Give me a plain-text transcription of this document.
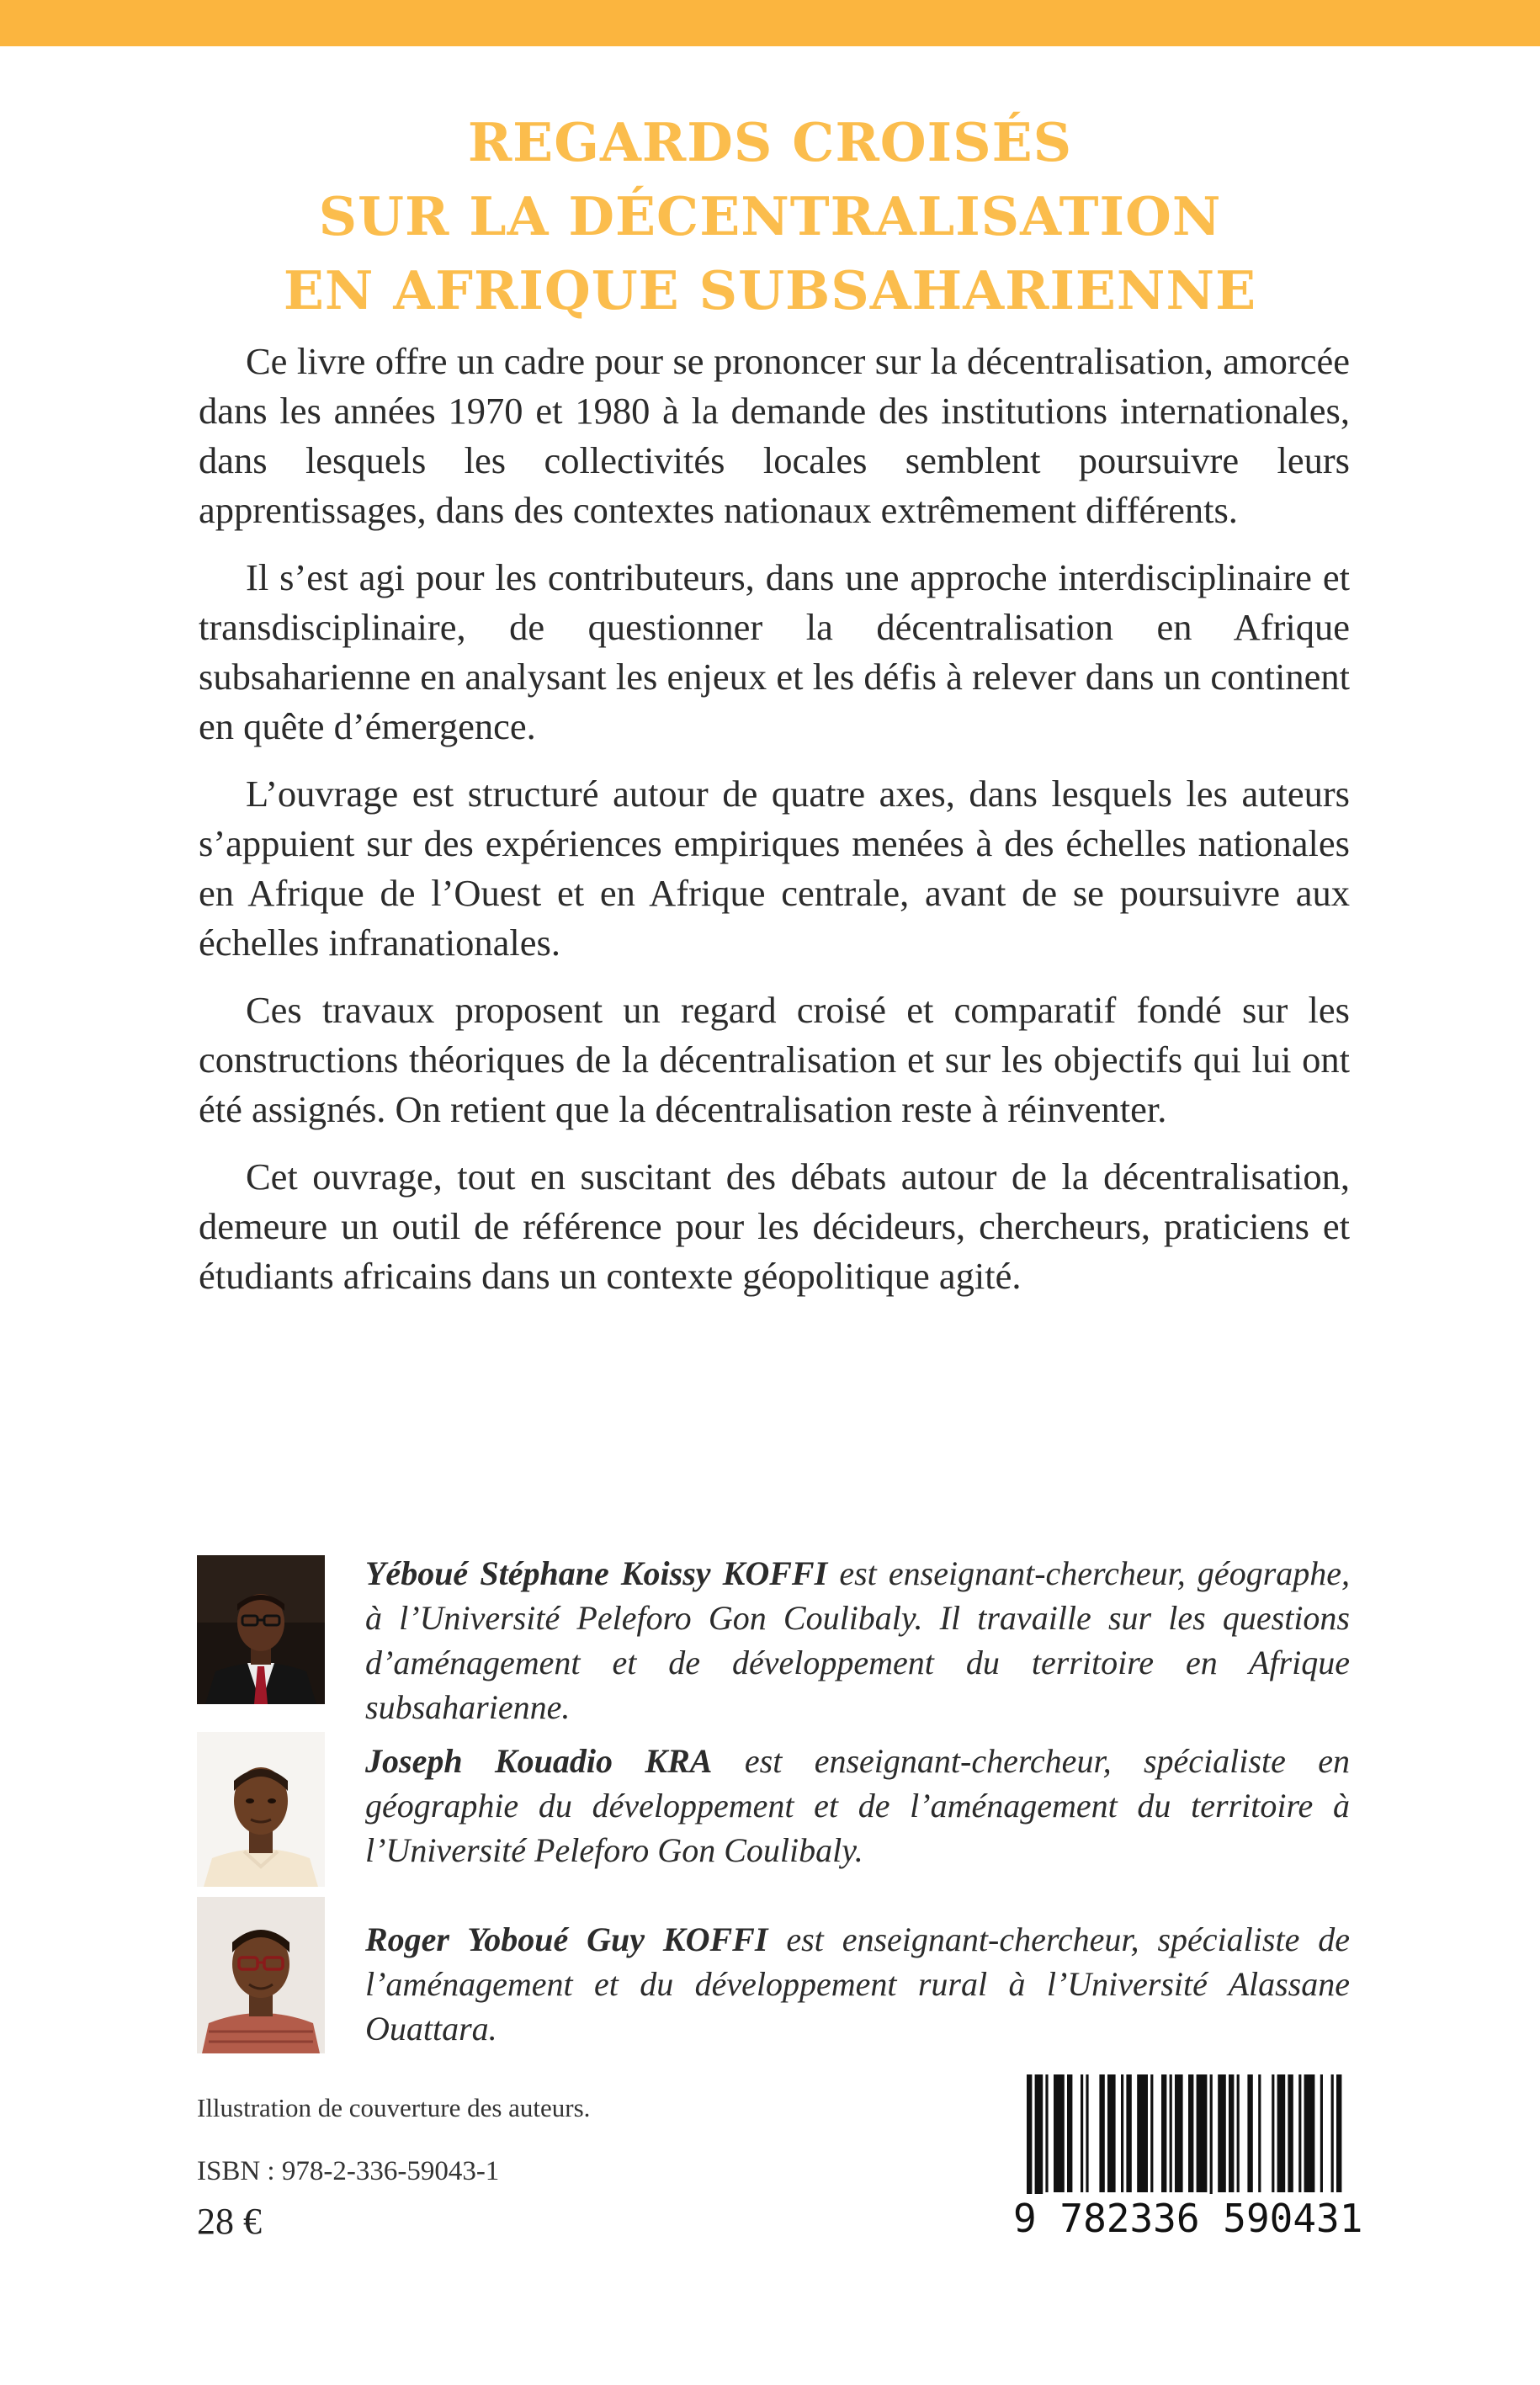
REGARDS CROISÉS
SUR LA DÉCENTRALISATION
EN AFRIQUE SUBSAHARIENNE

Ce livre offre un cadre pour se prononcer sur la décentralisation, amorcée dans les années 1970 et 1980 à la demande des institutions internationales, dans lesquels les collectivités locales semblent poursuivre leurs apprentissages, dans des contextes nationaux extrêmement différents.

Il s’est agi pour les contributeurs, dans une approche interdisciplinaire et transdisciplinaire, de questionner la décentralisation en Afrique subsaharienne en analysant les enjeux et les défis à relever dans un continent en quête d’émergence.

L’ouvrage est structuré autour de quatre axes, dans lesquels les auteurs s’appuient sur des expériences empiriques menées à des échelles nationales en Afrique de l’Ouest et en Afrique centrale, avant de se poursuivre aux échelles infranationales.

Ces travaux proposent un regard croisé et comparatif fondé sur les constructions théoriques de la décentralisation et sur les objectifs qui lui ont été assignés. On retient que la décentralisation reste à réinventer.

Cet ouvrage, tout en suscitant des débats autour de la décentralisation, demeure un outil de référence pour les décideurs, chercheurs, praticiens et étudiants africains dans un contexte géopolitique agité.

Yéboué Stéphane Koissy KOFFI est enseignant-chercheur, géographe, à l’Université Peleforo Gon Coulibaly. Il travaille sur les questions d’aménagement et de développement du territoire en Afrique subsaharienne.
Joseph Kouadio KRA est enseignant-chercheur, spécialiste en géographie du développement et de l’aménagement du territoire à l’Université Peleforo Gon Coulibaly.
Roger Yoboué Guy KOFFI est enseignant-chercheur, spécialiste de l’aménagement et du développement rural à l’Université Alassane Ouattara.
Illustration de couverture des auteurs.
ISBN : 978-2-336-59043-1
28 €	9 782336 590431
